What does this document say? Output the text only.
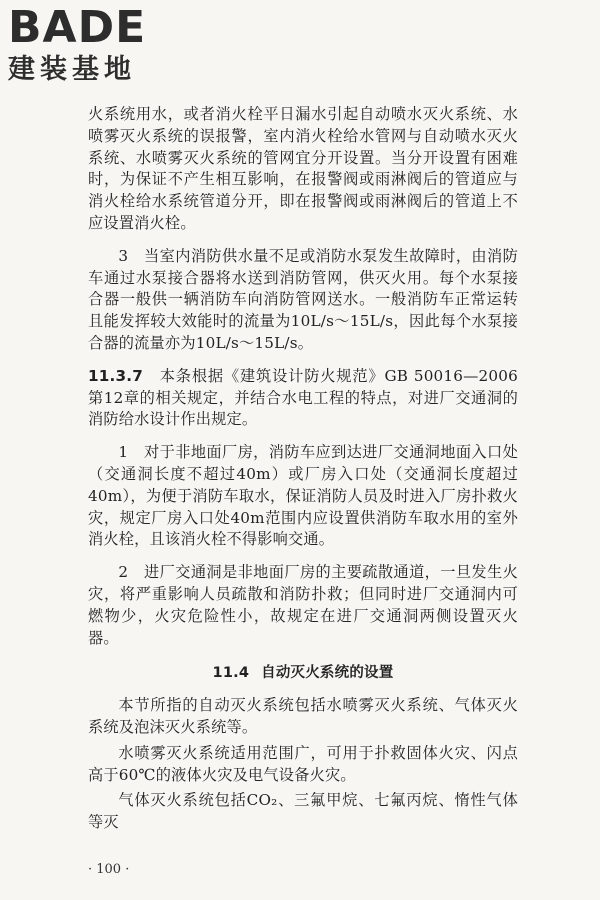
BADE
建装基地

火系统用水，或者消火栓平日漏水引起自动喷水灭火系统、水喷雾灭火系统的误报警，室内消火栓给水管网与自动喷水灭火系统、水喷雾灭火系统的管网宜分开设置。当分开设置有困难时，为保证不产生相互影响，在报警阀或雨淋阀后的管道应与消火栓给水系统管道分开，即在报警阀或雨淋阀后的管道上不应设置消火栓。

3　当室内消防供水量不足或消防水泵发生故障时，由消防车通过水泵接合器将水送到消防管网，供灭火用。每个水泵接合器一般供一辆消防车向消防管网送水。一般消防车正常运转且能发挥较大效能时的流量为10L/s～15L/s，因此每个水泵接合器的流量亦为10L/s～15L/s。

11.3.7　 本条根据《建筑设计防火规范》GB 50016—2006 第12章的相关规定，并结合水电工程的特点，对进厂交通洞的消防给水设计作出规定。

1　对于非地面厂房，消防车应到达进厂交通洞地面入口处（交通洞长度不超过40m）或厂房入口处（交通洞长度超过40m），为便于消防车取水，保证消防人员及时进入厂房扑救火灾，规定厂房入口处40m范围内应设置供消防车取水用的室外消火栓，且该消火栓不得影响交通。

2　进厂交通洞是非地面厂房的主要疏散通道，一旦发生火灾，将严重影响人员疏散和消防扑救；但同时进厂交通洞内可燃物少，火灾危险性小，故规定在进厂交通洞两侧设置灭火器。

11.4 自动灭火系统的设置

本节所指的自动灭火系统包括水喷雾灭火系统、气体灭火系统及泡沫灭火系统等。

水喷雾灭火系统适用范围广，可用于扑救固体火灾、闪点高于60℃的液体火灾及电气设备火灾。

气体灭火系统包括CO₂、三氟甲烷、七氟丙烷、惰性气体等灭

· 100 ·
